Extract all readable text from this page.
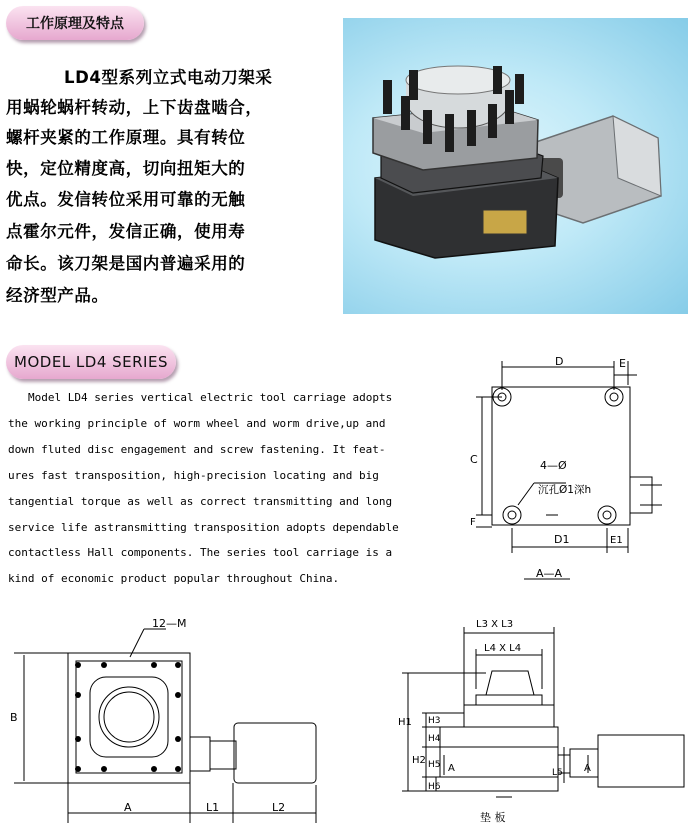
工作原理及特点
LD4型系列立式电动刀架采
用蜗轮蜗杆转动，上下齿盘啮合，
螺杆夹紧的工作原理。具有转位
快，定位精度高，切向扭矩大的
优点。发信转位采用可靠的无触
点霍尔元件，发信正确，使用寿
命长。该刀架是国内普遍采用的
经济型产品。
MODEL LD4 SERIES
Model LD4 series vertical electric tool carriage adopts
the working principle of worm wheel and worm drive,up and
down fluted disc engagement and screw fastening. It feat-
ures fast transposition, high-precision locating and big
tangential torque as well as correct transmitting and long
service life astransmitting transposition adopts dependable
contactless Hall components. The series tool carriage is a
kind of economic product popular throughout China.
D	E
C
F
4—Ø
沉孔Ø1深h
D1	E1
A—A
12—M
B
A	L1	L2
L3 X L3
L4 X L4
H1
H2
H3
H4
H5
H6
A	L5 A
垫 板
